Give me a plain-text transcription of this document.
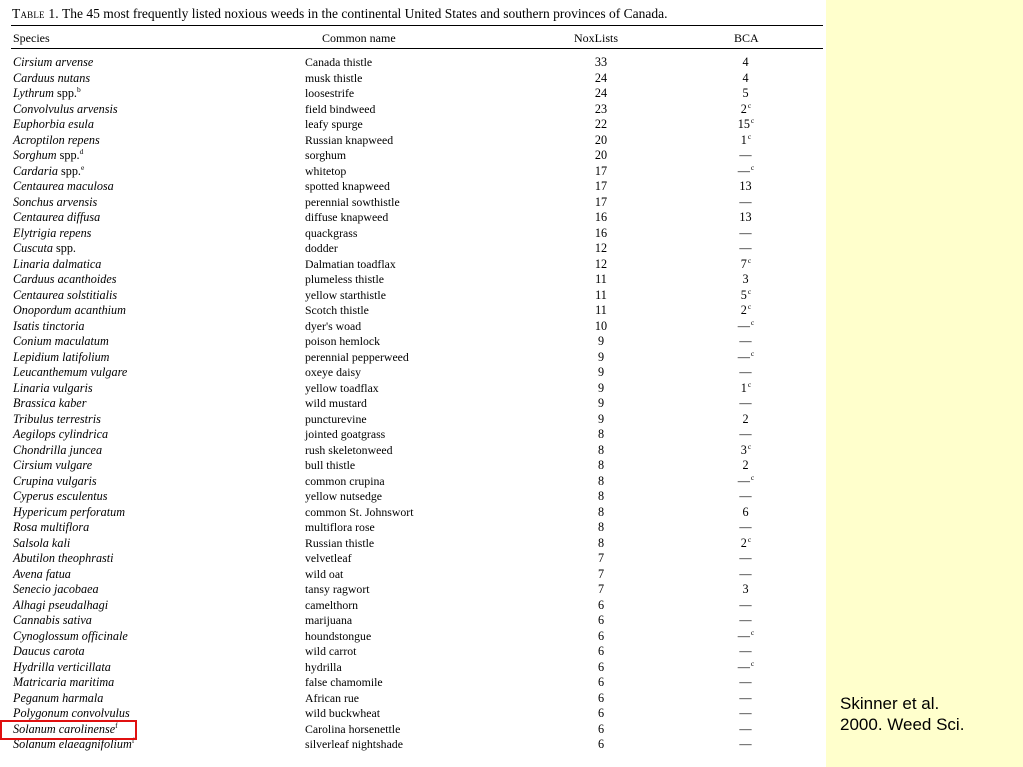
Table 1. The 45 most frequently listed noxious weeds in the continental United States and southern provinces of Canada.
Species	Common name	NoxLists	BCA
Cirsium arvense	Canada thistle	33	4
Carduus nutans	musk thistle	24	4
Lythrum spp.$^b$	loosestrife	24	5
Convolvulus arvensis	field bindweed	23	2$^c$
Euphorbia esula	leafy spurge	22	15$^c$
Acroptilon repens	Russian knapweed	20	1$^c$
Sorghum spp.$^d$	sorghum	20	—
Cardaria spp.$^e$	whitetop	17	—$^c$
Centaurea maculosa	spotted knapweed	17	13
Sonchus arvensis	perennial sowthistle	17	—
Centaurea diffusa	diffuse knapweed	16	13
Elytrigia repens	quackgrass	16	—
Cuscuta spp.	dodder	12	—
Linaria dalmatica	Dalmatian toadflax	12	7$^c$
Carduus acanthoides	plumeless thistle	11	3
Centaurea solstitialis	yellow starthistle	11	5$^c$
Onopordum acanthium	Scotch thistle	11	2$^c$
Isatis tinctoria	dyer's woad	10	—$^c$
Conium maculatum	poison hemlock	9	—
Lepidium latifolium	perennial pepperweed	9	—$^c$
Leucanthemum vulgare	oxeye daisy	9	—
Linaria vulgaris	yellow toadflax	9	1$^c$
Brassica kaber	wild mustard	9	—
Tribulus terrestris	puncturevine	9	2
Aegilops cylindrica	jointed goatgrass	8	—
Chondrilla juncea	rush skeletonweed	8	3$^c$
Cirsium vulgare	bull thistle	8	2
Crupina vulgaris	common crupina	8	—$^c$
Cyperus esculentus	yellow nutsedge	8	—
Hypericum perforatum	common St. Johnswort	8	6
Rosa multiflora	multiflora rose	8	—
Salsola kali	Russian thistle	8	2$^c$
Abutilon theophrasti	velvetleaf	7	—
Avena fatua	wild oat	7	—
Senecio jacobaea	tansy ragwort	7	3
Alhagi pseudalhagi	camelthorn	6	—
Cannabis sativa	marijuana	6	—
Cynoglossum officinale	houndstongue	6	—$^c$
Daucus carota	wild carrot	6	—
Hydrilla verticillata	hydrilla	6	—$^c$
Matricaria maritima	false chamomile	6	—
Peganum harmala	African rue	6	—
Polygonum convolvulus	wild buckwheat	6	—
Solanum carolinense$^f$	Carolina horsenettle	6	—
Solanum elaeagnifolium$^f$	silverleaf nightshade	6	—
Skinner et al.
2000. Weed Sci.
